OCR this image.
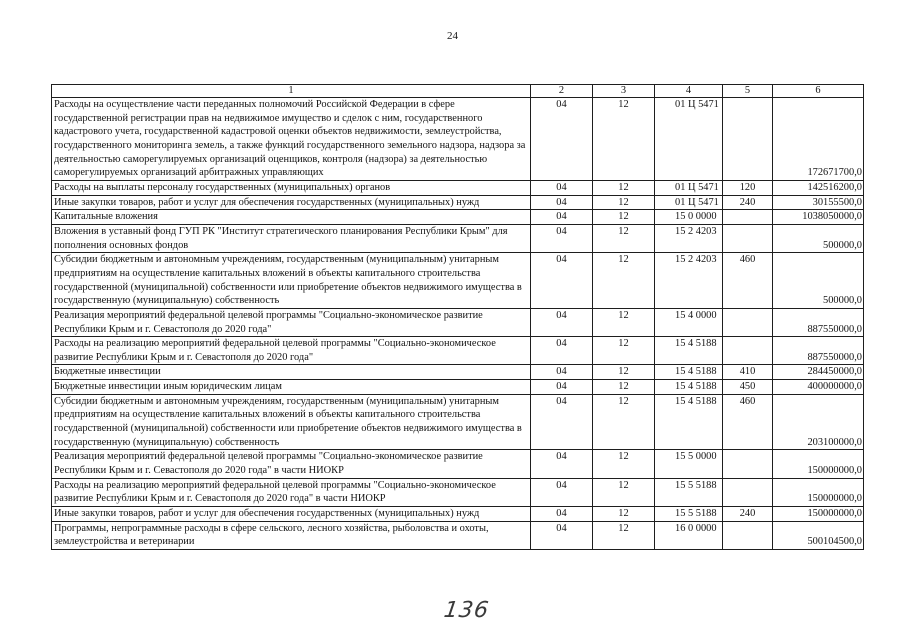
24
1	2	3	4	5	6
Расходы на осуществление части переданных полномочий Российской Федерации в сфере государственной регистрации прав на недвижимое имущество и сделок с ним, государственного кадастрового учета, государственной кадастровой оценки объектов недвижимости, землеустройства, государственного мониторинга земель, а также функций государственного земельного надзора, надзора за деятельностью саморегулируемых организаций оценщиков, контроля (надзора) за деятельностью саморегулируемых организаций арбитражных управляющих	04	12	01 Ц 5471		172671700,0
Расходы на выплаты персоналу государственных (муниципальных) органов	04	12	01 Ц 5471	120	142516200,0
Иные закупки товаров, работ и услуг для обеспечения государственных (муниципальных) нужд	04	12	01 Ц 5471	240	30155500,0
Капитальные вложения	04	12	15 0 0000		1038050000,0
Вложения в уставный фонд ГУП РК "Институт стратегического планирования Республики Крым" для пополнения основных фондов	04	12	15 2 4203		500000,0
Субсидии бюджетным и автономным учреждениям, государственным (муниципальным) унитарным предприятиям на осуществление капитальных вложений в объекты капитального строительства государственной (муниципальной) собственности или приобретение объектов недвижимого имущества в государственную (муниципальную) собственность	04	12	15 2 4203	460	500000,0
Реализация мероприятий федеральной целевой программы "Социально-экономическое развитие Республики Крым и г. Севастополя до 2020 года"	04	12	15 4 0000		887550000,0
Расходы на реализацию мероприятий федеральной целевой программы "Социально-экономическое развитие Республики Крым и г. Севастополя до 2020 года"	04	12	15 4 5188		887550000,0
Бюджетные инвестиции	04	12	15 4 5188	410	284450000,0
Бюджетные инвестиции иным юридическим лицам	04	12	15 4 5188	450	400000000,0
Субсидии бюджетным и автономным учреждениям, государственным (муниципальным) унитарным предприятиям на осуществление капитальных вложений в объекты капитального строительства государственной (муниципальной) собственности или приобретение объектов недвижимого имущества в государственную (муниципальную) собственность	04	12	15 4 5188	460	203100000,0
Реализация мероприятий федеральной целевой программы "Социально-экономическое развитие Республики Крым и г. Севастополя до 2020 года" в части НИОКР	04	12	15 5 0000		150000000,0
Расходы на реализацию мероприятий федеральной целевой программы "Социально-экономическое развитие Республики Крым и г. Севастополя до 2020 года" в части НИОКР	04	12	15 5 5188		150000000,0
Иные закупки товаров, работ и услуг для обеспечения государственных (муниципальных) нужд	04	12	15 5 5188	240	150000000,0
Программы, непрограммные расходы в сфере сельского, лесного хозяйства, рыболовства и охоты, землеустройства и ветеринарии	04	12	16 0 0000		500104500,0
136
